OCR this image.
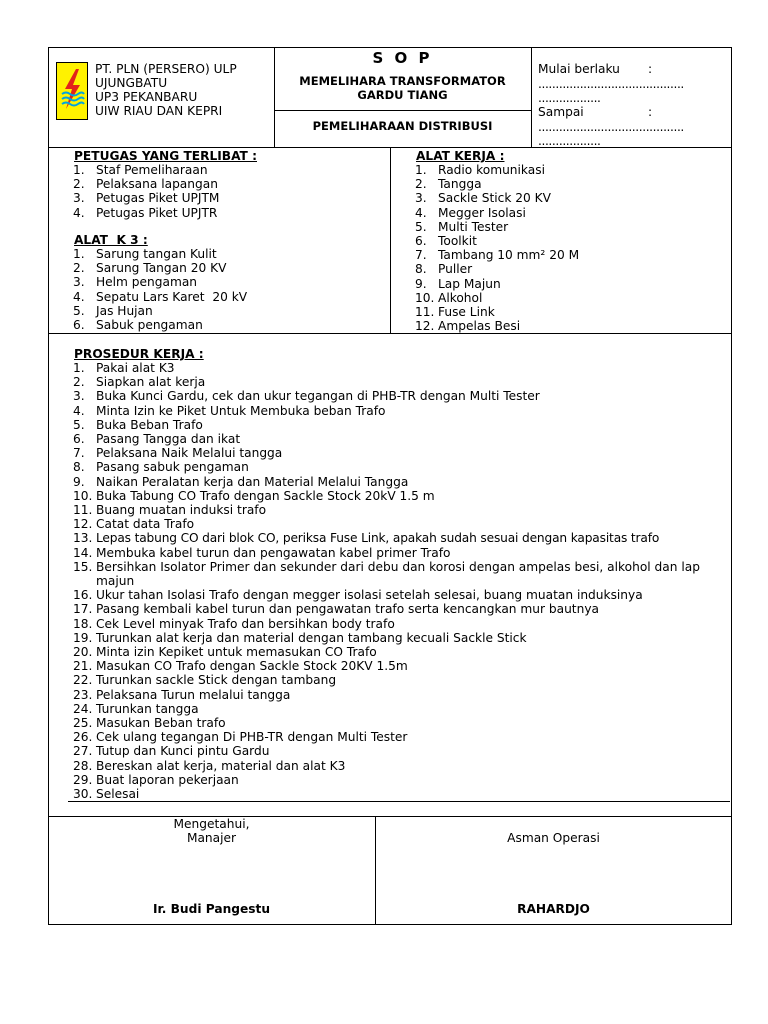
PT. PLN (PERSERO) ULP
UJUNGBATU
UP3 PEKANBARU
UIW RIAU DAN KEPRI
S O P
MEMELIHARA TRANSFORMATOR
GARDU TIANG
PEMELIHARAAN DISTRIBUSI
Mulai berlaku :
..........................................
..................
Sampai	:
..........................................
..................
PETUGAS YANG TERLIBAT :
1. Staf Pemeliharaan
2. Pelaksana lapangan
3. Petugas Piket UPJTM
4. Petugas Piket UPJTR
ALAT  K 3 :
1. Sarung tangan Kulit
2. Sarung Tangan 20 KV
3. Helm pengaman
4. Sepatu Lars Karet  20 kV
5. Jas Hujan
6. Sabuk pengaman
ALAT KERJA :
1. Radio komunikasi
2. Tangga
3. Sackle Stick 20 KV
4. Megger Isolasi
5. Multi Tester
6. Toolkit
7. Tambang 10 mm² 20 M
8. Puller
9. Lap Majun
10. Alkohol
11. Fuse Link
12. Ampelas Besi
PROSEDUR KERJA :
1. Pakai alat K3
2. Siapkan alat kerja
3. Buka Kunci Gardu, cek dan ukur tegangan di PHB-TR dengan Multi Tester
4. Minta Izin ke Piket Untuk Membuka beban Trafo
5. Buka Beban Trafo
6. Pasang Tangga dan ikat
7. Pelaksana Naik Melalui tangga
8. Pasang sabuk pengaman
9. Naikan Peralatan kerja dan Material Melalui Tangga
10. Buka Tabung CO Trafo dengan Sackle Stock 20kV 1.5 m
11. Buang muatan induksi trafo
12. Catat data Trafo
13. Lepas tabung CO dari blok CO, periksa Fuse Link, apakah sudah sesuai dengan kapasitas trafo
14. Membuka kabel turun dan pengawatan kabel primer Trafo
15. Bersihkan Isolator Primer dan sekunder dari debu dan korosi dengan ampelas besi, alkohol dan lap majun
16. Ukur tahan Isolasi Trafo dengan megger isolasi setelah selesai, buang muatan induksinya
17. Pasang kembali kabel turun dan pengawatan trafo serta kencangkan mur bautnya
18. Cek Level minyak Trafo dan bersihkan body trafo
19. Turunkan alat kerja dan material dengan tambang kecuali Sackle Stick
20. Minta izin Kepiket untuk memasukan CO Trafo
21. Masukan CO Trafo dengan Sackle Stock 20KV 1.5m
22. Turunkan sackle Stick dengan tambang
23. Pelaksana Turun melalui tangga
24. Turunkan tangga
25. Masukan Beban trafo
26. Cek ulang tegangan Di PHB-TR dengan Multi Tester
27. Tutup dan Kunci pintu Gardu
28. Bereskan alat kerja, material dan alat K3
29. Buat laporan pekerjaan
30. Selesai
Mengetahui,
Manajer
Ir. Budi Pangestu
Asman Operasi
RAHARDJO
